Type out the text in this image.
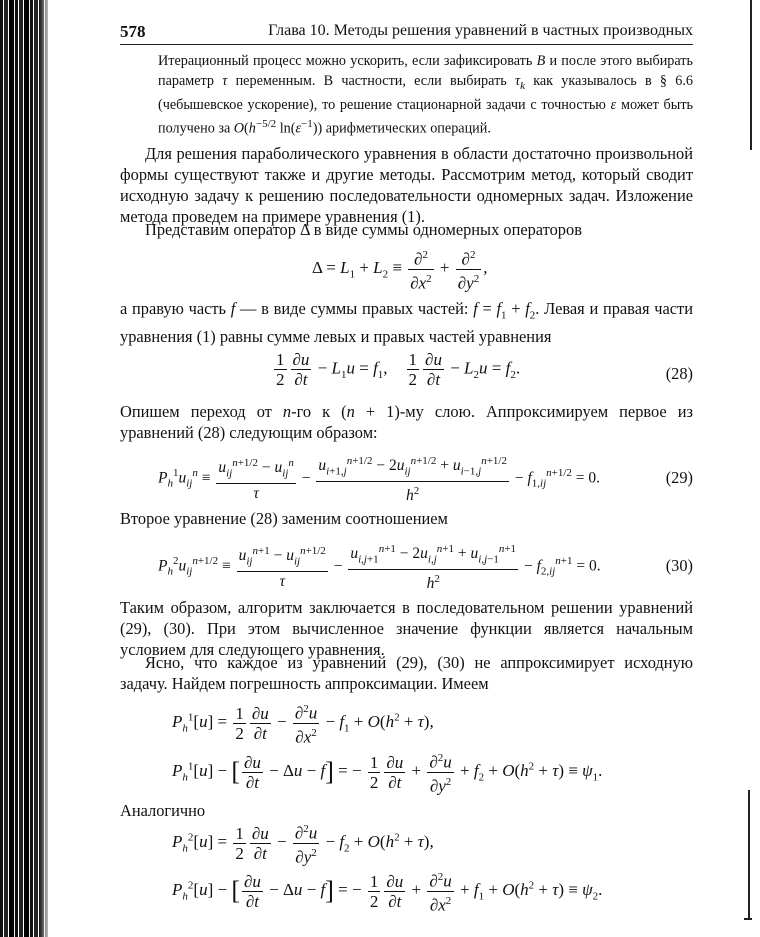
578	Глава 10. Методы решения уравнений в частных производных

Итерационный процесс можно ускорить, если зафиксировать B и после этого выбирать параметр τ переменным. В частности, если выбирать $\tau_k$ как указывалось в § 6.6 (чебышевское ускорение), то решение стационарной задачи с точностью ε может быть получено за $O(h^{-5/2}$ $\ln(\varepsilon^{-1})$) арифметических операций.

Для решения параболического уравнения в области достаточно произвольной формы существуют также и другие методы. Рассмотрим метод, который сводит исходную задачу к решению последовательности одномерных задач. Изложение метода проведем на примере уравнения (1).

Представим оператор Δ в виде суммы одномерных операторов

$\Delta = L_1 + L_2 \equiv \frac{\partial^2}{\partial x^2} + \frac{\partial^2}{\partial y^2}$ ,

а правую часть f — в виде суммы правых частей: $f = f_1 + f_2$. Левая и правая части уравнения (1) равны сумме левых и правых частей уравнения

$\frac{1}{2} \frac{\partial u}{\partial t} - L_1u = f_1$, $\frac{1}{2} \frac{\partial u}{\partial t} - L_2u = f_2$.	(28)

Опишем переход от n-го к (n + 1)-му слою. Аппроксимируем первое из уравнений (28) следующим образом:

$P_h^1u_{ij}^n \equiv \frac{u_{ij}^{n+1/2} - u_{ij}^n}{\tau} - \frac{u_{i+1,j}^{n+1/2} - 2u_{ij}^{n+1/2} + u_{i-1,j}^{n+1/2}}{h^2} - f_{1,ij}^{n+1/2} = 0$.	(29)

Второе уравнение (28) заменим соотношением

$P_h^2u_{ij}^{n+1/2} \equiv \frac{u_{ij}^{n+1} - u_{ij}^{n+1/2}}{\tau} - \frac{u_{i,j+1}^{n+1} - 2u_{i,j}^{n+1} + u_{i,j-1}^{n+1}}{h^2} - f_{2,ij}^{n+1} = 0$.	(30)

Таким образом, алгоритм заключается в последовательном решении уравнений (29), (30). При этом вычисленное значение функции является начальным условием для следующего уравнения.

Ясно, что каждое из уравнений (29), (30) не аппроксимирует исходную задачу. Найдем погрешность аппроксимации. Имеем

$P_h^1[u] = \frac{1}{2} \frac{\partial u}{\partial t} - \frac{\partial^2u}{\partial x^2} - f_1 + O(h^2 + \tau)$,
$P_h^1[u]$ − [ $\frac{\partial u}{\partial t} - \Delta u - f$] = − $\frac{1}{2} \frac{\partial u}{\partial t} + \frac{\partial^2u}{\partial y^2} + f_2 + O(h^2 + \tau) \equiv \psi_1$.

Аналогично

$P_h^2[u] = \frac{1}{2} \frac{\partial u}{\partial t} - \frac{\partial^2u}{\partial y^2} - f_2 + O(h^2 + \tau)$,
$P_h^2[u]$ − [ $\frac{\partial u}{\partial t} - \Delta u - f$] = − $\frac{1}{2} \frac{\partial u}{\partial t} + \frac{\partial^2u}{\partial x^2} + f_1 + O(h^2 + \tau) \equiv \psi_2$.
